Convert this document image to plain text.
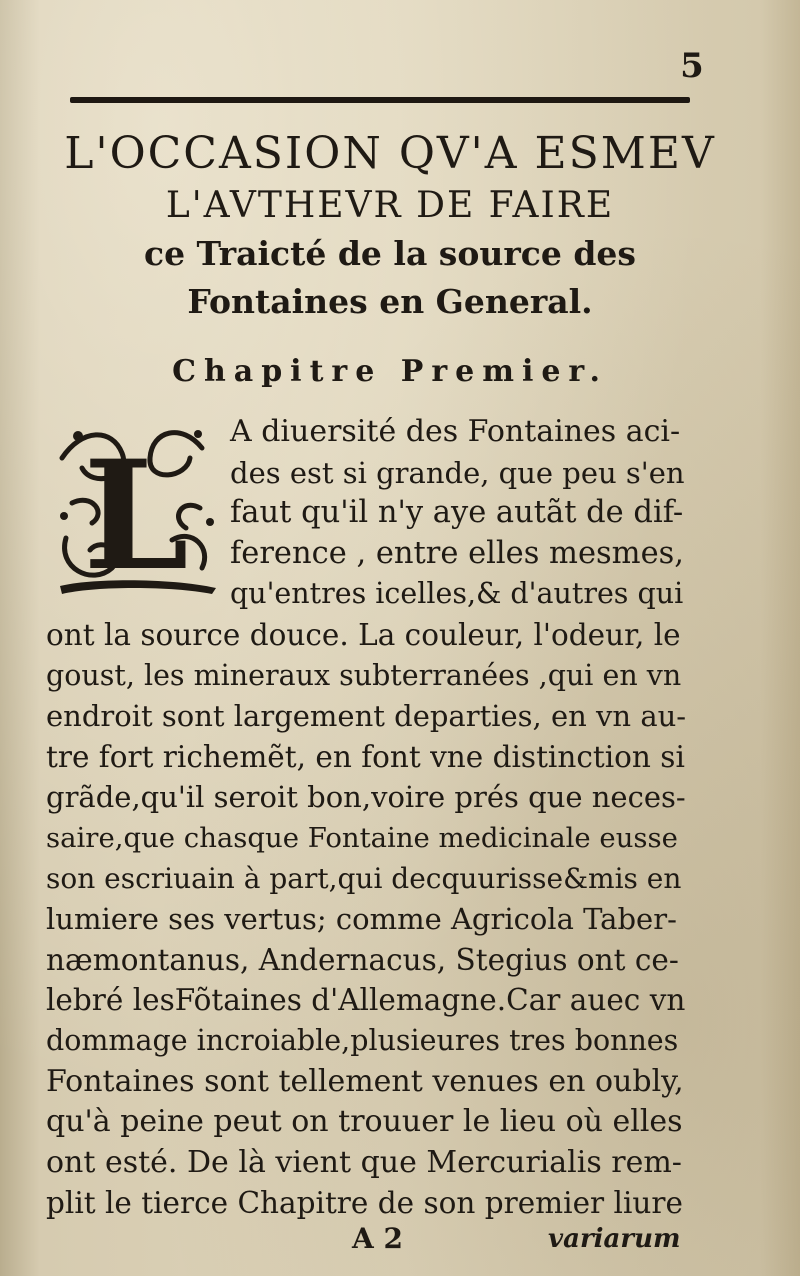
5
L'OCCASION QV'A ESMEV
L'AVTHEVR DE FAIRE
ce Traicté de la source des
Fontaines en General.
Chapitre Premier.
L	A diuersité des Fontaines aci-
des est si grande, que peu s'en
faut qu'il n'y aye autãt de dif-
ference , entre elles mesmes,
qu'entres icelles,& d'autres qui
ont la source douce. La couleur, l'odeur, le
goust, les mineraux subterranées ,qui en vn
endroit sont largement departies, en vn au-
tre fort richemẽt, en font vne distinction si
grãde,qu'il seroit bon,voire prés que neces-
saire,que chasque Fontaine medicinale eusse
son escriuain à part,qui decquurisse&mis en
lumiere ses vertus; comme Agricola Taber-
næmontanus, Andernacus, Stegius ont ce-
lebré lesFõtaines d'Allemagne.Car auec vn
dommage incroiable,plusieures tres bonnes
Fontaines sont tellement venues en oubly,
qu'à peine peut on trouuer le lieu où elles
ont esté. De là vient que Mercurialis rem-
plit le tierce Chapitre de son premier liure
A 2	variarum
